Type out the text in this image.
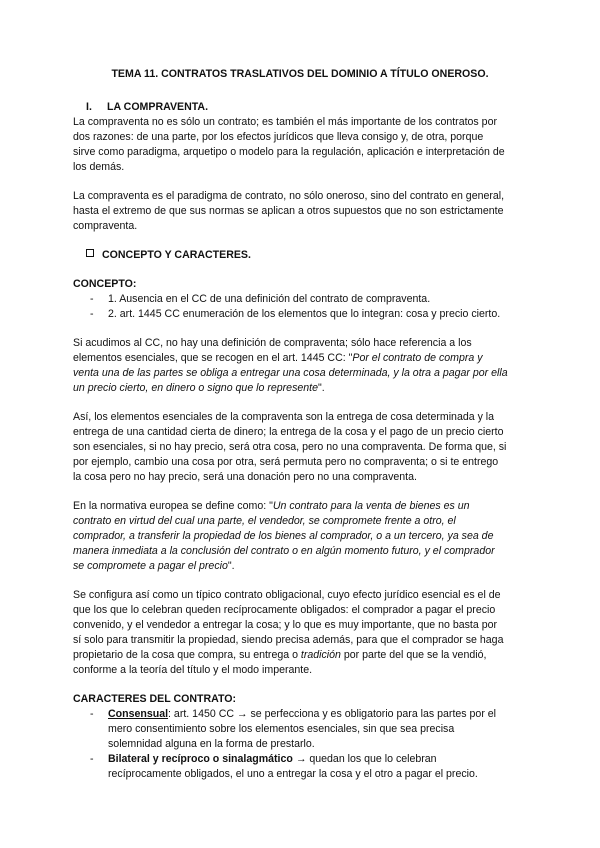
TEMA 11. CONTRATOS TRASLATIVOS DEL DOMINIO A TÍTULO ONEROSO.
I. LA COMPRAVENTA.
La compraventa no es sólo un contrato; es también el más importante de los contratos por
dos razones: de una parte, por los efectos jurídicos que lleva consigo y, de otra, porque
sirve como paradigma, arquetipo o modelo para la regulación, aplicación e interpretación de
los demás.
La compraventa es el paradigma de contrato, no sólo oneroso, sino del contrato en general,
hasta el extremo de que sus normas se aplican a otros supuestos que no son estrictamente
compraventa.
CONCEPTO Y CARACTERES.
CONCEPTO:
- 1. Ausencia en el CC de una definición del contrato de compraventa.
- 2. art. 1445 CC enumeración de los elementos que lo integran: cosa y precio cierto.
Si acudimos al CC, no hay una definición de compraventa; sólo hace referencia a los
elementos esenciales, que se recogen en el art. 1445 CC: "Por el contrato de compra y
venta una de las partes se obliga a entregar una cosa determinada, y la otra a pagar por ella
un precio cierto, en dinero o signo que lo represente".
Así, los elementos esenciales de la compraventa son la entrega de cosa determinada y la
entrega de una cantidad cierta de dinero; la entrega de la cosa y el pago de un precio cierto
son esenciales, si no hay precio, será otra cosa, pero no una compraventa. De forma que, si
por ejemplo, cambio una cosa por otra, será permuta pero no compraventa; o si te entrego
la cosa pero no hay precio, será una donación pero no una compraventa.
En la normativa europea se define como: "Un contrato para la venta de bienes es un
contrato en virtud del cual una parte, el vendedor, se compromete frente a otro, el
comprador, a transferir la propiedad de los bienes al comprador, o a un tercero, ya sea de
manera inmediata a la conclusión del contrato o en algún momento futuro, y el comprador
se compromete a pagar el precio".
Se configura así como un típico contrato obligacional, cuyo efecto jurídico esencial es el de
que los que lo celebran queden recíprocamente obligados: el comprador a pagar el precio
convenido, y el vendedor a entregar la cosa; y lo que es muy importante, que no basta por
sí solo para transmitir la propiedad, siendo precisa además, para que el comprador se haga
propietario de la cosa que compra, su entrega o tradición por parte del que se la vendió,
conforme a la teoría del título y el modo imperante.
CARACTERES DEL CONTRATO:
- Consensual: art. 1450 CC → se perfecciona y es obligatorio para las partes por el
mero consentimiento sobre los elementos esenciales, sin que sea precisa
solemnidad alguna en la forma de prestarlo.
- Bilateral y recíproco o sinalagmático → quedan los que lo celebran
recíprocamente obligados, el uno a entregar la cosa y el otro a pagar el precio.
